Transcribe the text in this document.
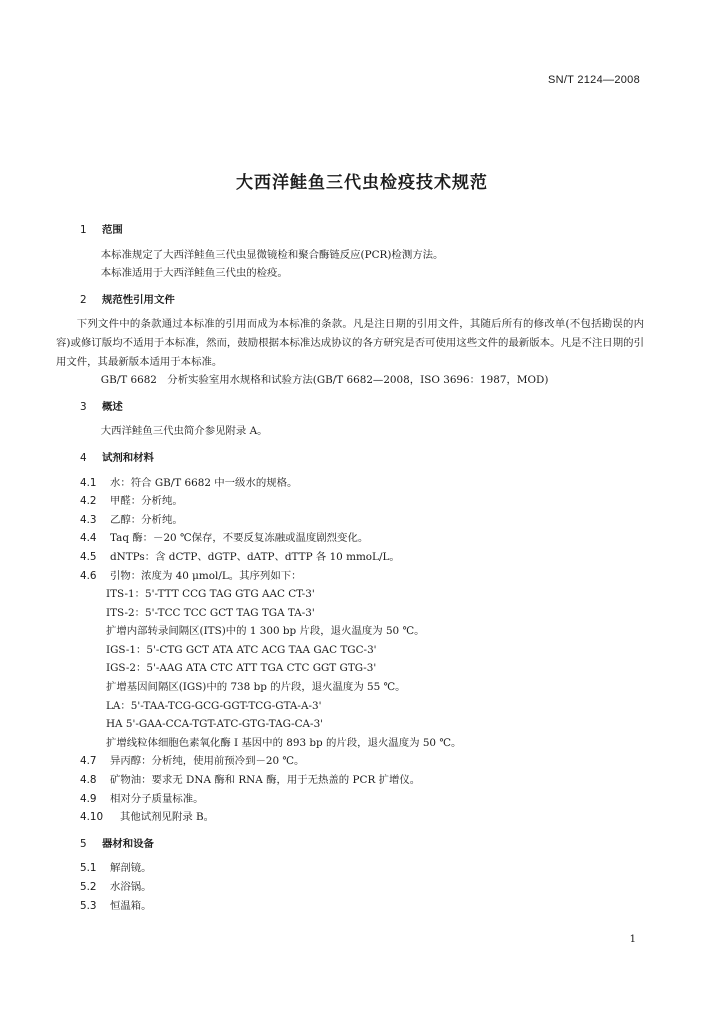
SN/T 2124—2008
大西洋鲑鱼三代虫检疫技术规范
1 范围
本标准规定了大西洋鲑鱼三代虫显微镜检和聚合酶链反应(PCR)检测方法。
本标准适用于大西洋鲑鱼三代虫的检疫。
2 规范性引用文件
下列文件中的条款通过本标准的引用而成为本标准的条款。凡是注日期的引用文件，其随后所有的修改单(不包括勘误的内容)或修订版均不适用于本标准，然而，鼓励根据本标准达成协议的各方研究是否可使用这些文件的最新版本。凡是不注日期的引用文件，其最新版本适用于本标准。
GB/T 6682　分析实验室用水规格和试验方法(GB/T 6682—2008，ISO 3696：1987，MOD)
3 概述
大西洋鲑鱼三代虫简介参见附录 A。
4 试剂和材料
4.1 水：符合 GB/T 6682 中一级水的规格。
4.2 甲醛：分析纯。
4.3 乙醇：分析纯。
4.4 Taq 酶：－20 ℃保存，不要反复冻融或温度剧烈变化。
4.5 dNTPs：含 dCTP、dGTP、dATP、dTTP 各 10 mmoL/L。
4.6 引物：浓度为 40 μmol/L。其序列如下：
ITS-1：5'-TTT CCG TAG GTG AAC CT-3'
ITS-2：5'-TCC TCC GCT TAG TGA TA-3'
扩增内部转录间隔区(ITS)中的 1 300 bp 片段，退火温度为 50 ℃。
IGS-1：5'-CTG GCT ATA ATC ACG TAA GAC TGC-3'
IGS-2：5'-AAG ATA CTC ATT TGA CTC GGT GTG-3'
扩增基因间隔区(IGS)中的 738 bp 的片段，退火温度为 55 ℃。
LA：5'-TAA-TCG-GCG-GGT-TCG-GTA-A-3'
HA 5'-GAA-CCA-TGT-ATC-GTG-TAG-CA-3'
扩增线粒体细胞色素氧化酶 I 基因中的 893 bp 的片段，退火温度为 50 ℃。
4.7 异丙醇：分析纯，使用前预冷到－20 ℃。
4.8 矿物油：要求无 DNA 酶和 RNA 酶，用于无热盖的 PCR 扩增仪。
4.9 相对分子质量标准。
4.10 其他试剂见附录 B。
5 器材和设备
5.1 解剖镜。
5.2 水浴锅。
5.3 恒温箱。
1
